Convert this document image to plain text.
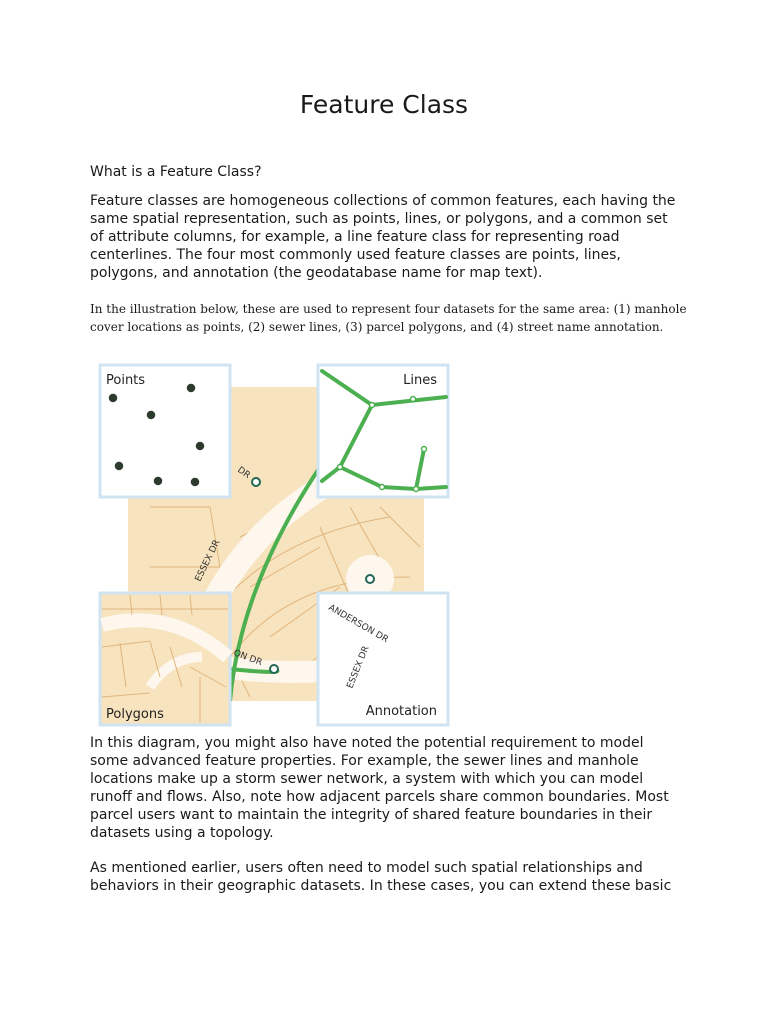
Feature Class

What is a Feature Class?

Feature classes are homogeneous collections of common features, each having the same spatial representation, such as points, lines, or polygons, and a common set of attribute columns, for example, a line feature class for representing road centerlines. The four most commonly used feature classes are points, lines, polygons, and annotation (the geodatabase name for map text).

In the illustration below, these are used to represent four datasets for the same area: (1) manhole cover locations as points, (2) sewer lines, (3) parcel polygons, and (4) street name annotation.

ESSEX DR
DR
ON DR
Points	Lines
Polygons
ANDERSON DR
ESSEX DR
Annotation

In this diagram, you might also have noted the potential requirement to model some advanced feature properties. For example, the sewer lines and manhole locations make up a storm sewer network, a system with which you can model runoff and flows. Also, note how adjacent parcels share common boundaries. Most parcel users want to maintain the integrity of shared feature boundaries in their datasets using a topology.

As mentioned earlier, users often need to model such spatial relationships and behaviors in their geographic datasets. In these cases, you can extend these basic
